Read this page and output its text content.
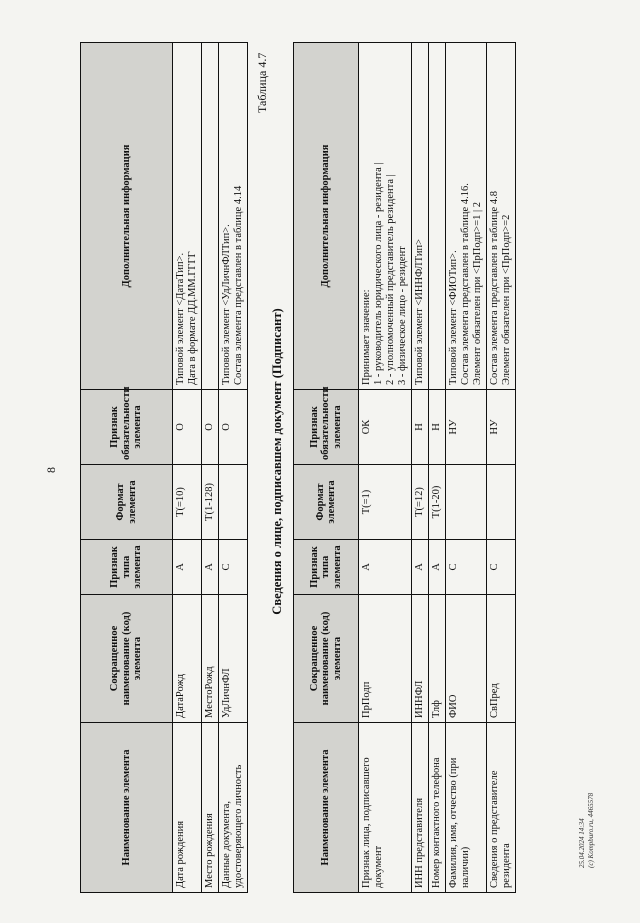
8
Наименование элемента	Сокращенное наименование (код) элемента	Признак типа элемента	Формат элемента	Признак обязательности элемента	Дополнительная информация
Дата рождения	ДатаРожд	А	T(=10)	О	Типовой элемент <ДатаТип>. Дата в формате ДД.ММ.ГГГГ

Место рождения	МестоРожд	А	T(1-128)	О	
Данные документа, удостоверяющего личность	УдЛичнФЛ	С		О	Типовой элемент <УдЛичнФЛТип>. Состав элемента представлен в таблице 4.14
Таблица 4.7
Сведения о лице, подписавшем документ (Подписант)
Наименование элемента	Сокращенное наименование (код) элемента	Признак типа элемента	Формат элемента	Признак обязательности элемента	Дополнительная информация
Признак лица, подписавшего документ	ПрПодп	А	T(=1)	ОК	Принимает значение: 1 - руководитель юридического лица - резидента | 2 - уполномоченный представитель резидента | 3 - физическое лицо - резидент

ИНН представителя	ИННФЛ	А	T(=12)	Н	Типовой элемент <ИННФЛТип>

Номер контактного телефона	Тлф	А	T(1-20)	Н	
Фамилия, имя, отчество (при наличии)	ФИО	С		НУ	Типовой элемент <ФИОТип>. Состав элемента представлен в таблице 4.16. Элемент обязателен при <ПрПодп>=1 | 2

Сведения о представителе резидента	СвПред	С		НУ	Состав элемента представлен в таблице 4.8 Элемент обязателен при <ПрПодп>=2
25.04.2024 14:34 (c) Kompburo.ru, 4465578
